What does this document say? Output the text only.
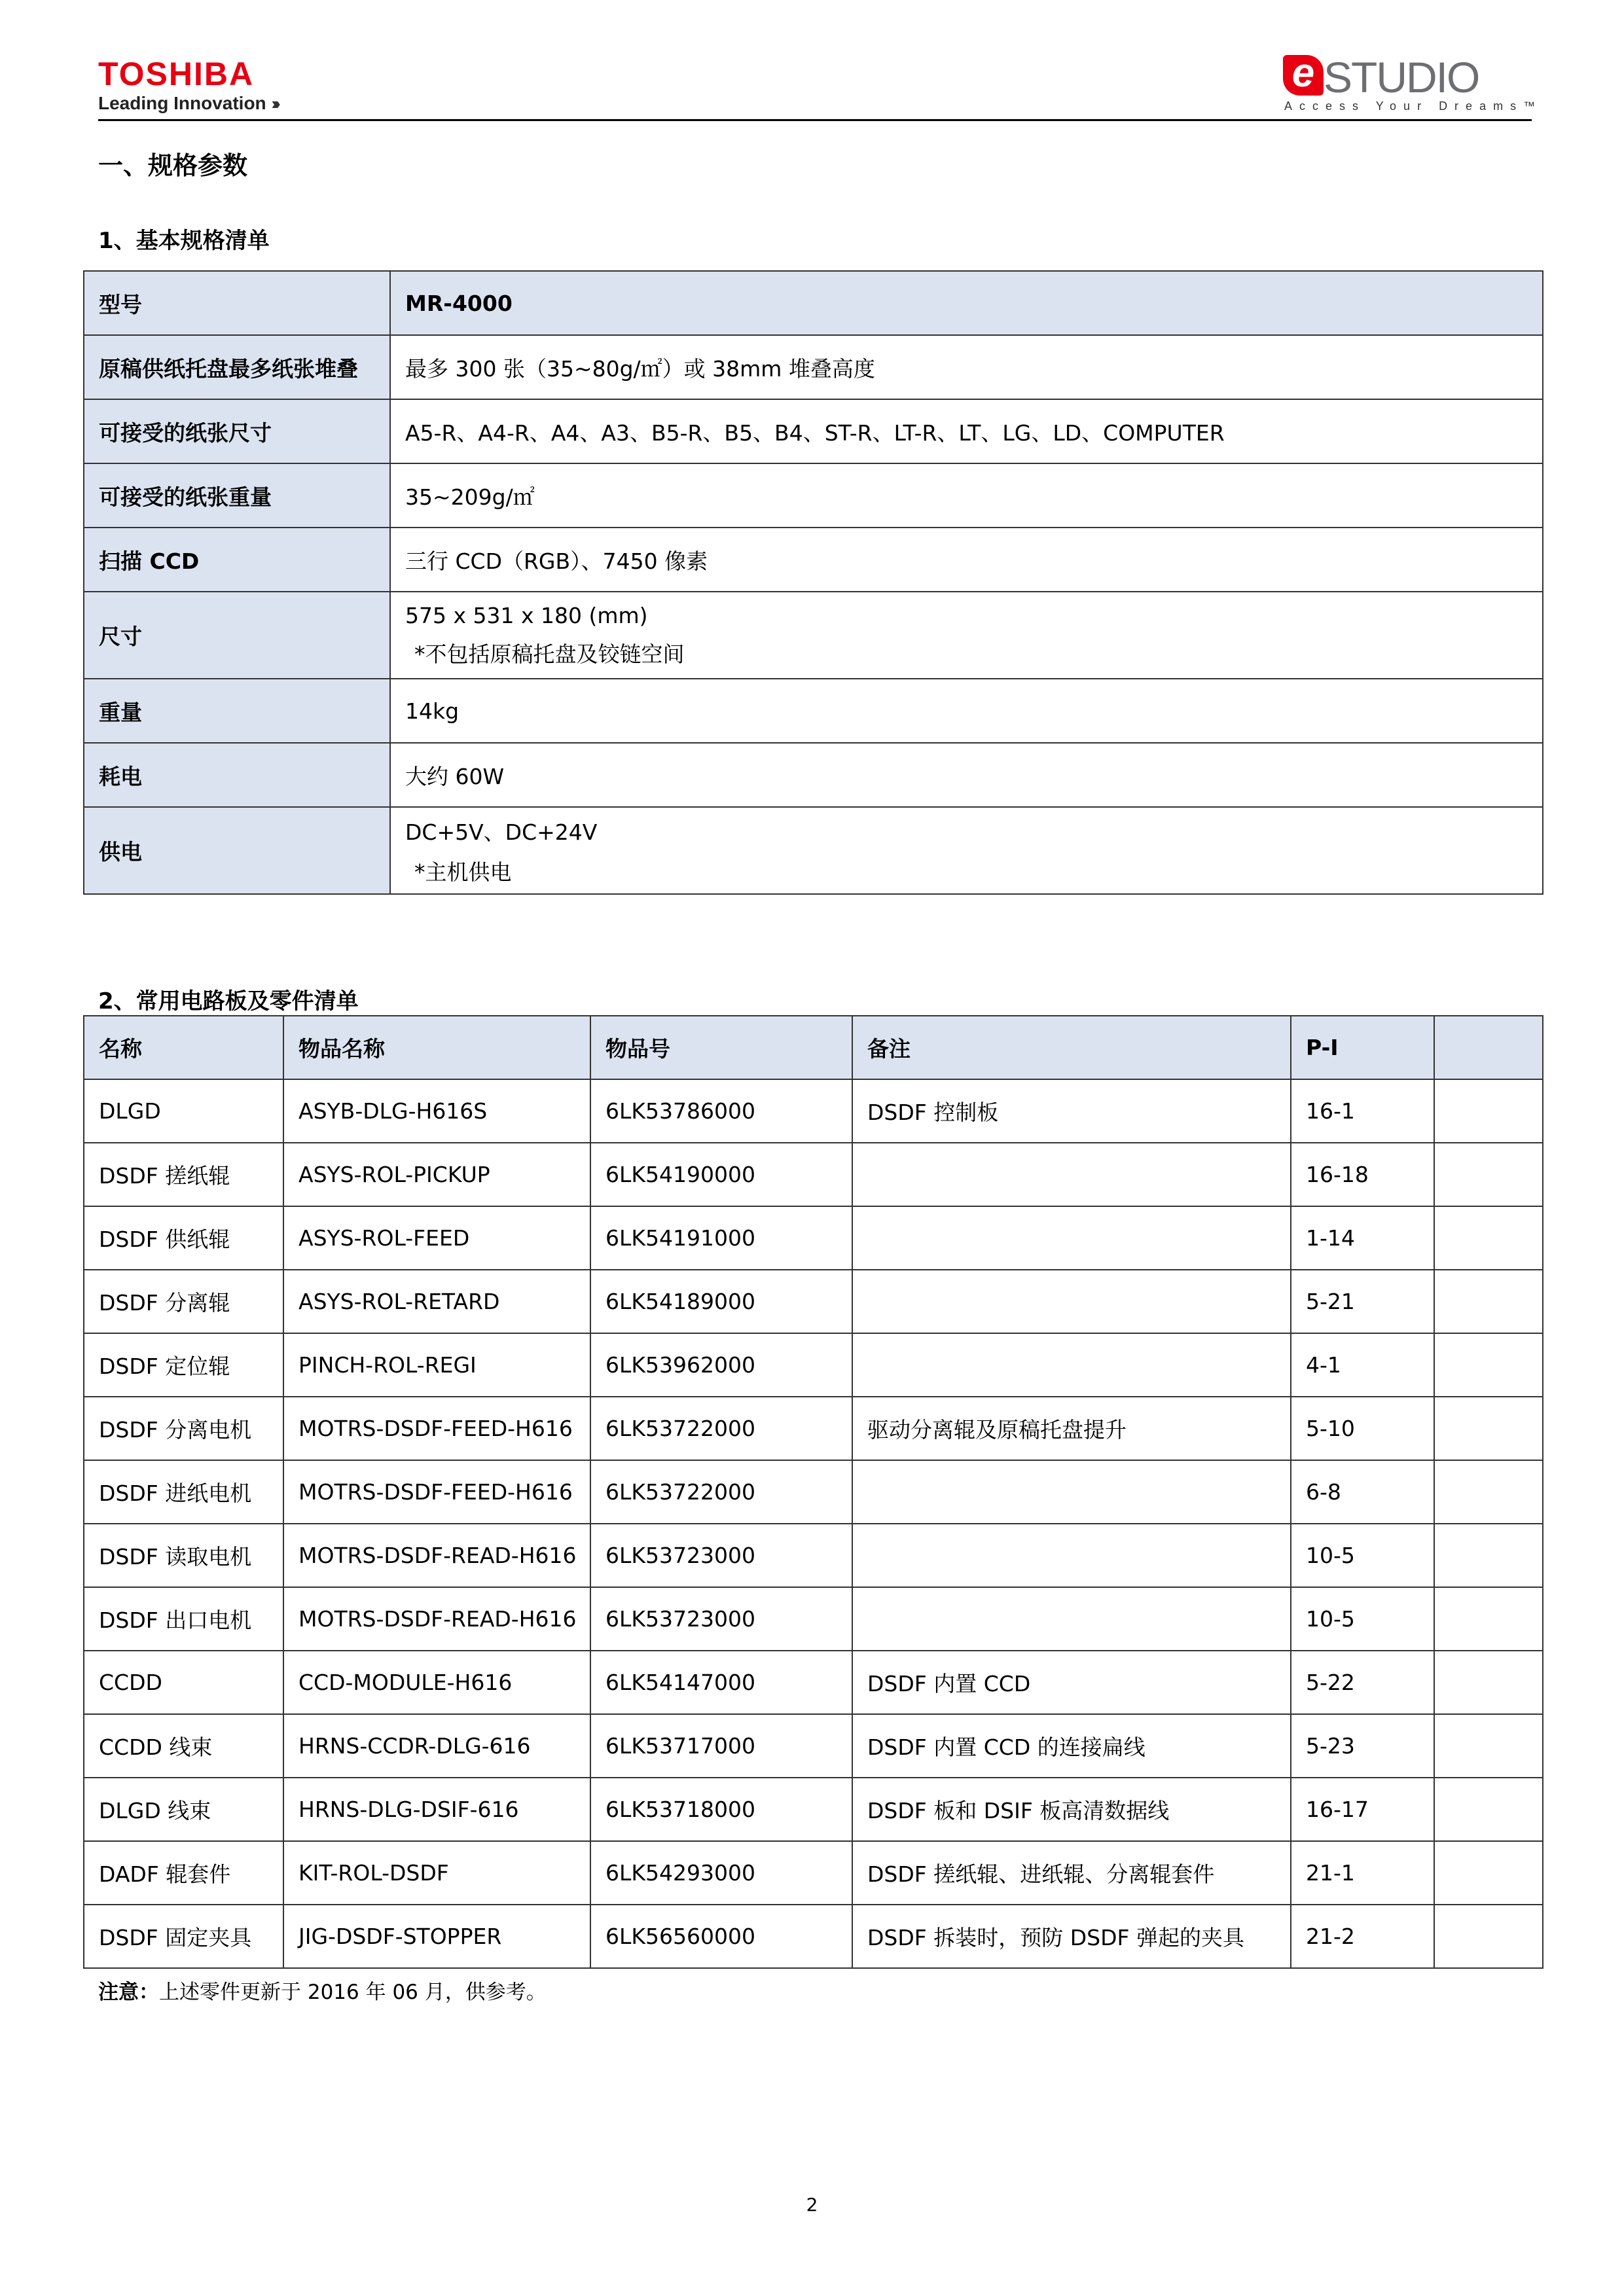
TOSHIBA
Leading Innovation ›››
e STUDIO
Access Your Dreams™
一、规格参数
1、基本规格清单
型号	MR-4000
原稿供纸托盘最多纸张堆叠	最多 300 张（35~80g/㎡）或 38mm 堆叠高度
可接受的纸张尺寸	A5-R、A4-R、A4、A3、B5-R、B5、B4、ST-R、LT-R、LT、LG、LD、COMPUTER
可接受的纸张重量	35~209g/㎡
扫描 CCD	三行 CCD（RGB）、7450 像素
尺寸	575 x 531 x 180 (mm)
*不包括原稿托盘及铰链空间

重量	14kg
耗电	大约 60W
供电	DC+5V、DC+24V
*主机供电
2、常用电路板及零件清单
名称	物品名称	物品号	备注	P-I	
DLGD	ASYB-DLG-H616S	6LK53786000	DSDF 控制板	16-1	
DSDF 搓纸辊	ASYS-ROL-PICKUP	6LK54190000		16-18	
DSDF 供纸辊	ASYS-ROL-FEED	6LK54191000		1-14	
DSDF 分离辊	ASYS-ROL-RETARD	6LK54189000		5-21	
DSDF 定位辊	PINCH-ROL-REGI	6LK53962000		4-1	
DSDF 分离电机	MOTRS-DSDF-FEED-H616	6LK53722000	驱动分离辊及原稿托盘提升	5-10	
DSDF 进纸电机	MOTRS-DSDF-FEED-H616	6LK53722000		6-8	
DSDF 读取电机	MOTRS-DSDF-READ-H616	6LK53723000		10-5	
DSDF 出口电机	MOTRS-DSDF-READ-H616	6LK53723000		10-5	
CCDD	CCD-MODULE-H616	6LK54147000	DSDF 内置 CCD	5-22	
CCDD 线束	HRNS-CCDR-DLG-616	6LK53717000	DSDF 内置 CCD 的连接扁线	5-23	
DLGD 线束	HRNS-DLG-DSIF-616	6LK53718000	DSDF 板和 DSIF 板高清数据线	16-17	
DADF 辊套件	KIT-ROL-DSDF	6LK54293000	DSDF 搓纸辊、进纸辊、分离辊套件	21-1	
DSDF 固定夹具	JIG-DSDF-STOPPER	6LK56560000	DSDF 拆装时，预防 DSDF 弹起的夹具	21-2	
注意：上述零件更新于 2016 年 06 月，供参考。
2
